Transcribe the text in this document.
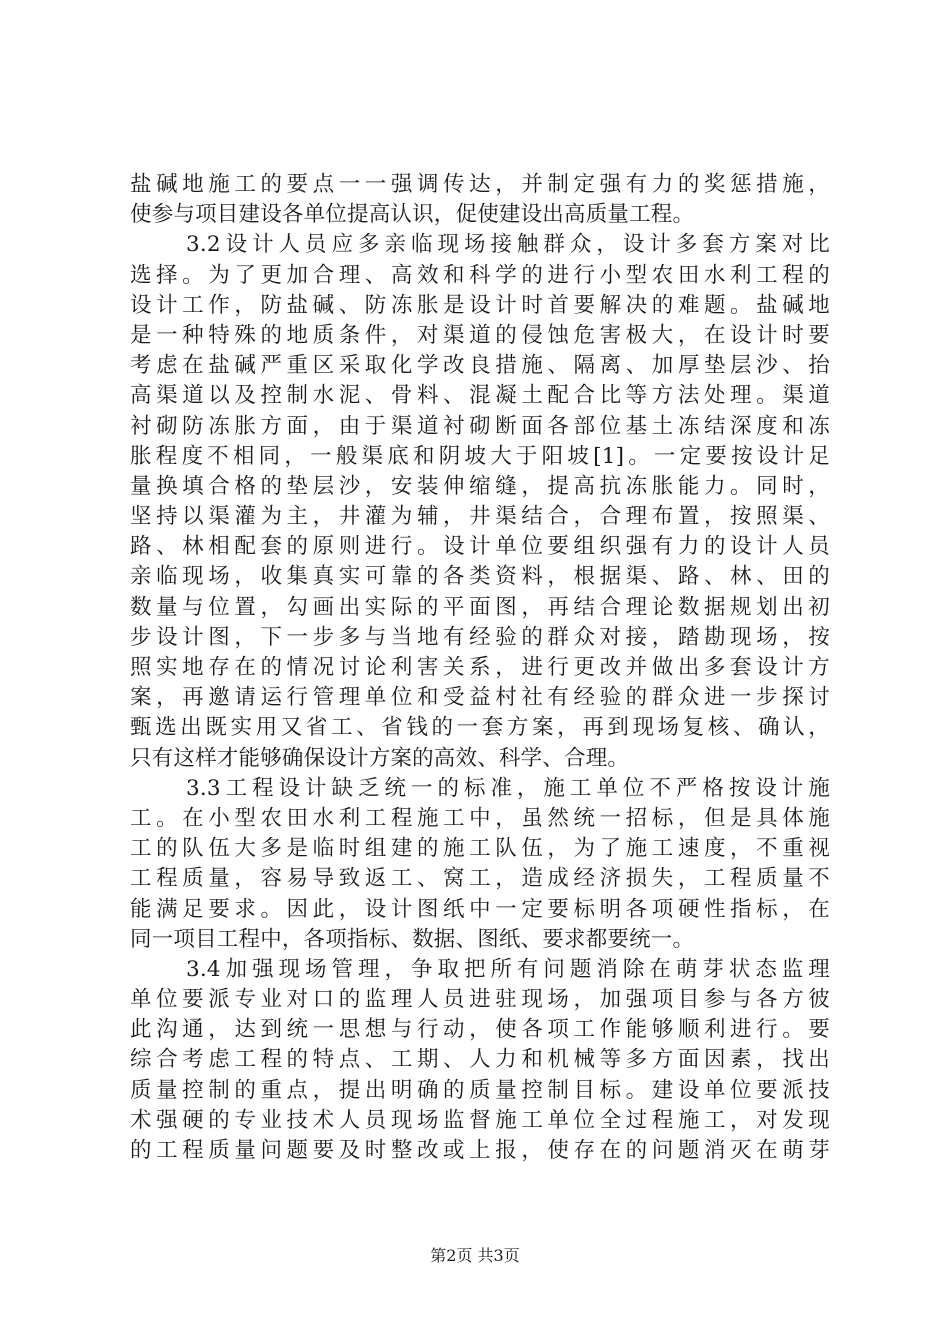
盐碱地施工的要点一一强调传达，并制定强有力的奖惩措施，
使参与项目建设各单位提高认识，促使建设出高质量工程。
3.2设计人员应多亲临现场接触群众，设计多套方案对比
选择。为了更加合理、高效和科学的进行小型农田水利工程的
设计工作，防盐碱、防冻胀是设计时首要解决的难题。盐碱地
是一种特殊的地质条件，对渠道的侵蚀危害极大，在设计时要
考虑在盐碱严重区采取化学改良措施、隔离、加厚垫层沙、抬
高渠道以及控制水泥、骨料、混凝土配合比等方法处理。渠道
衬砌防冻胀方面，由于渠道衬砌断面各部位基土冻结深度和冻
胀程度不相同，一般渠底和阴坡大于阳坡[1]。一定要按设计足
量换填合格的垫层沙，安装伸缩缝，提高抗冻胀能力。同时，
坚持以渠灌为主，井灌为辅，井渠结合，合理布置，按照渠、
路、林相配套的原则进行。设计单位要组织强有力的设计人员
亲临现场，收集真实可靠的各类资料，根据渠、路、林、田的
数量与位置，勾画出实际的平面图，再结合理论数据规划出初
步设计图，下一步多与当地有经验的群众对接，踏勘现场，按
照实地存在的情况讨论利害关系，进行更改并做出多套设计方
案，再邀请运行管理单位和受益村社有经验的群众进一步探讨
甄选出既实用又省工、省钱的一套方案，再到现场复核、确认，
只有这样才能够确保设计方案的高效、科学、合理。
3.3工程设计缺乏统一的标准，施工单位不严格按设计施
工。在小型农田水利工程施工中，虽然统一招标，但是具体施
工的队伍大多是临时组建的施工队伍，为了施工速度，不重视
工程质量，容易导致返工、窝工，造成经济损失，工程质量不
能满足要求。因此，设计图纸中一定要标明各项硬性指标，在
同一项目工程中，各项指标、数据、图纸、要求都要统一。
3.4加强现场管理，争取把所有问题消除在萌芽状态监理
单位要派专业对口的监理人员进驻现场，加强项目参与各方彼
此沟通，达到统一思想与行动，使各项工作能够顺利进行。要
综合考虑工程的特点、工期、人力和机械等多方面因素，找出
质量控制的重点，提出明确的质量控制目标。建设单位要派技
术强硬的专业技术人员现场监督施工单位全过程施工，对发现
的工程质量问题要及时整改或上报，使存在的问题消灭在萌芽
第2页 共3页
